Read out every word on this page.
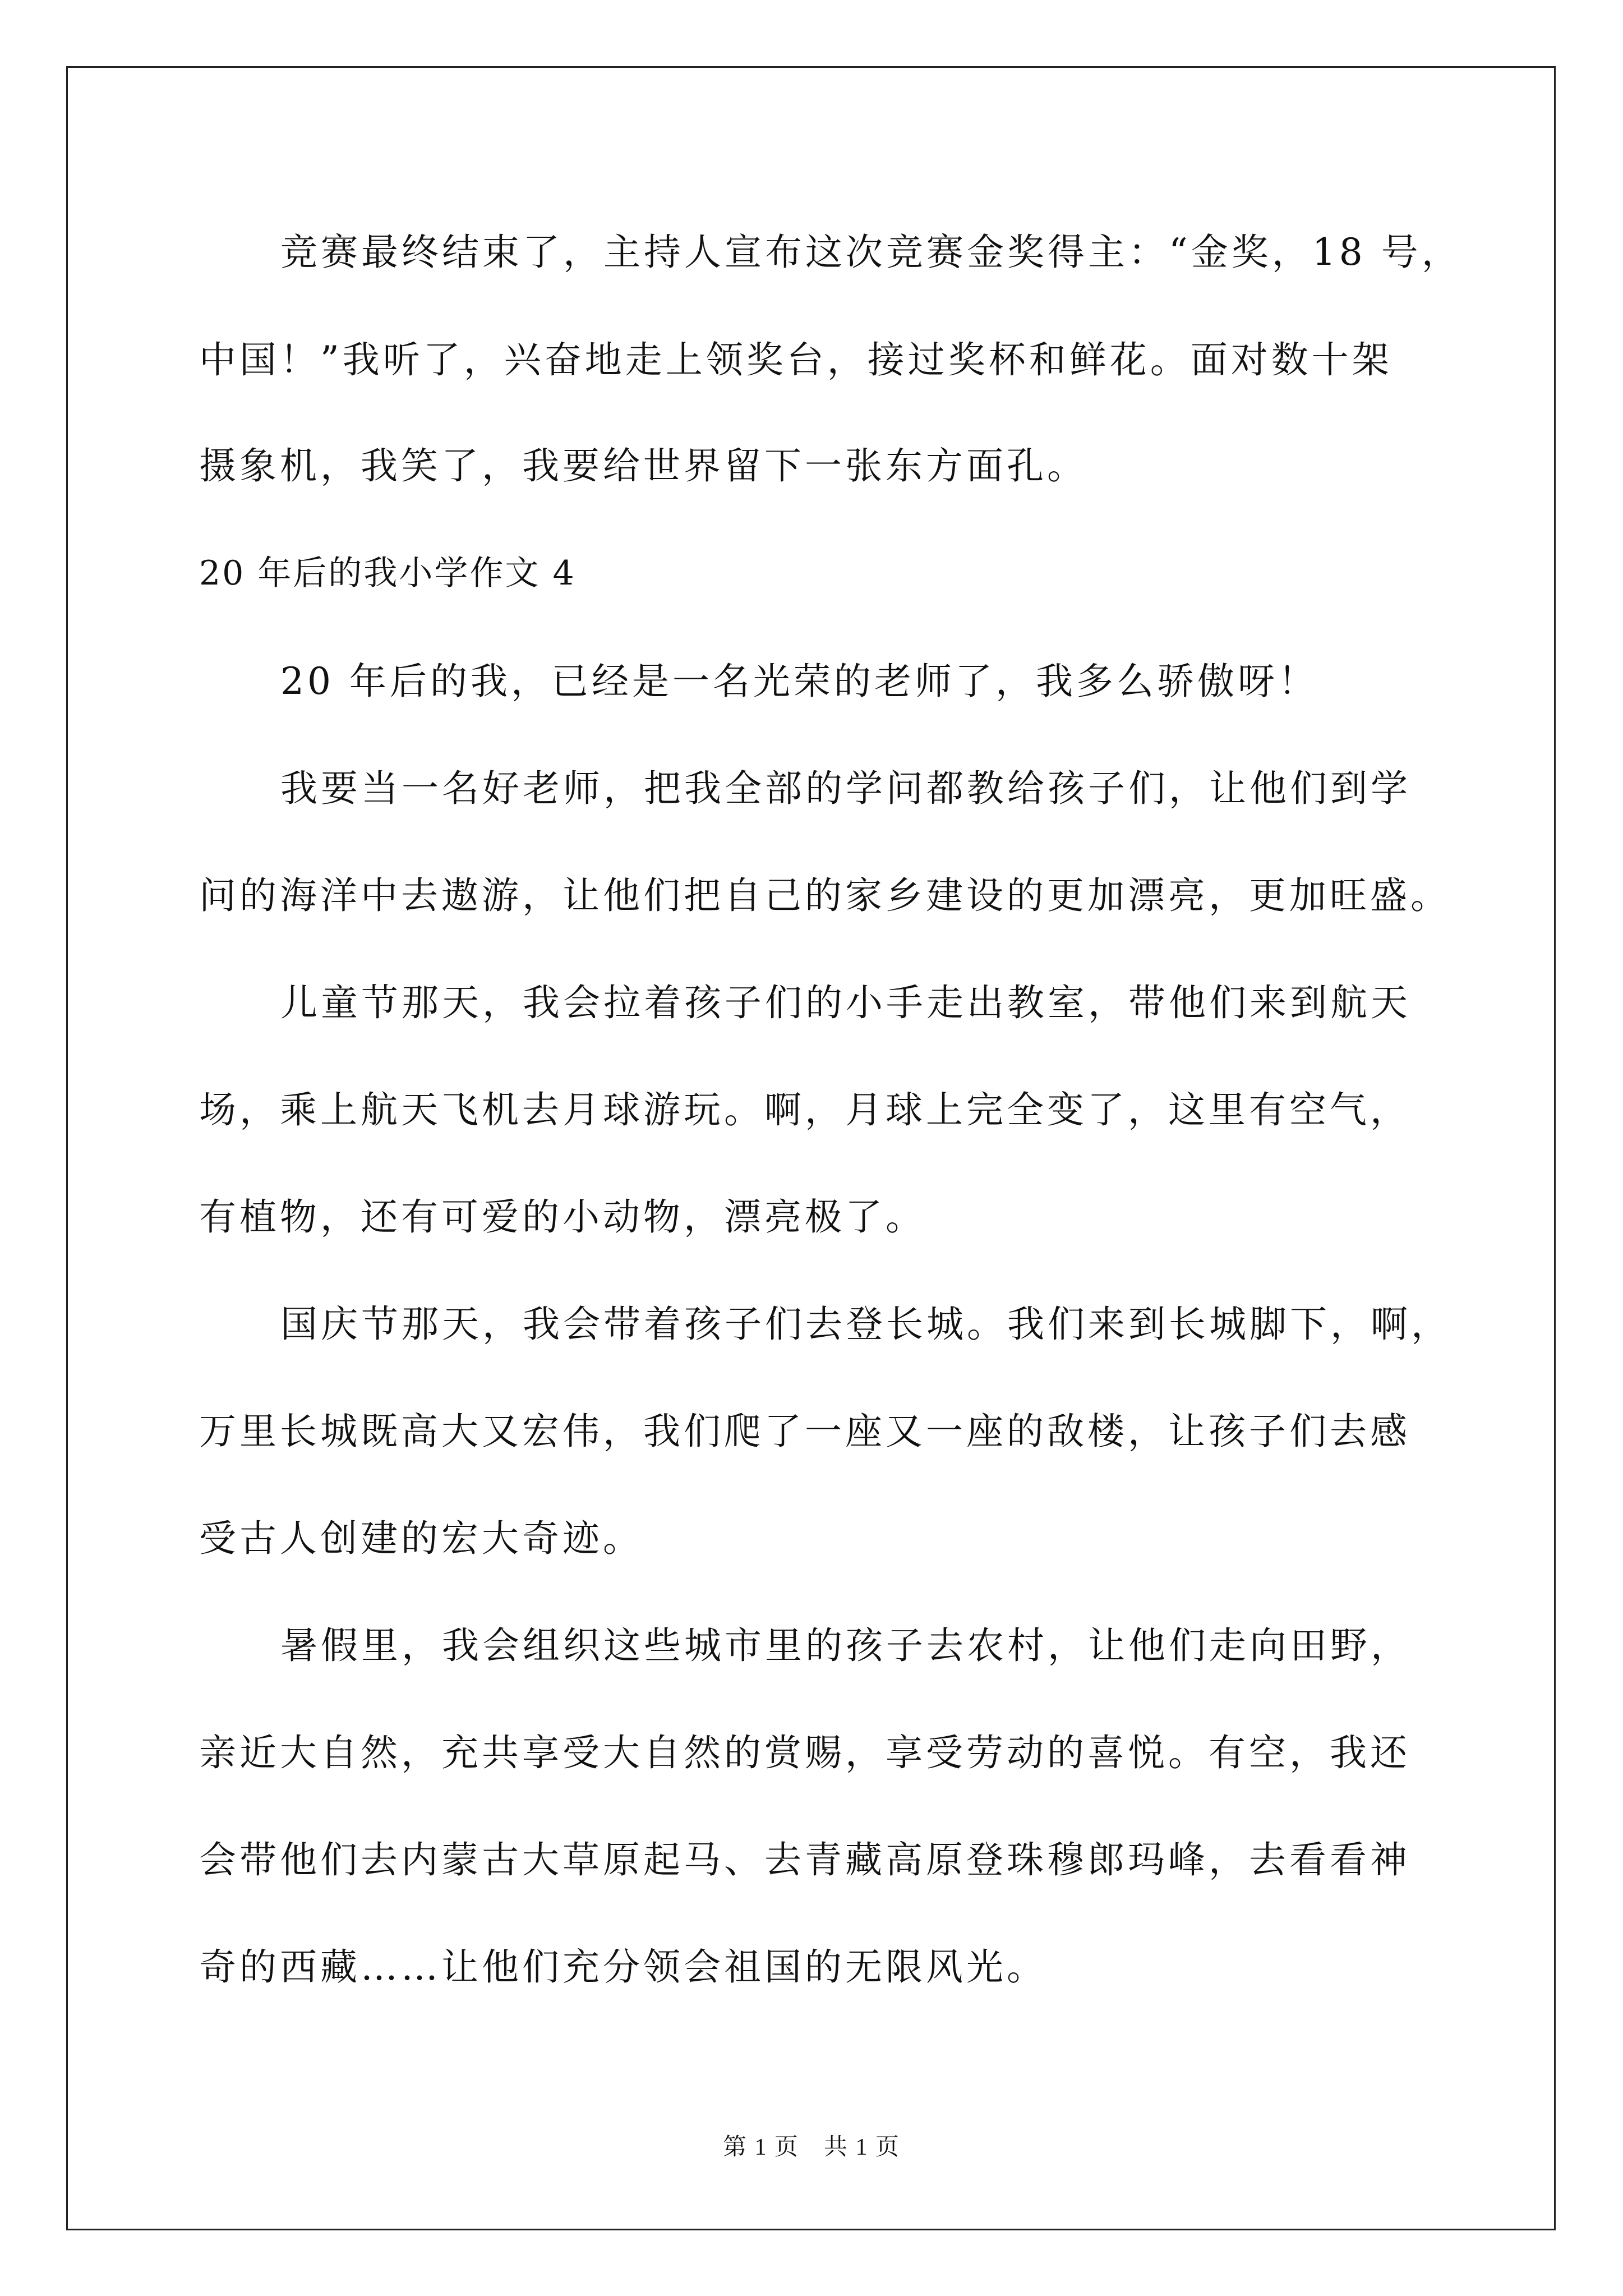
竞赛最终结束了，主持人宣布这次竞赛金奖得主：“金奖，18 号，
中国！”我听了，兴奋地走上领奖台，接过奖杯和鲜花。面对数十架
摄象机，我笑了，我要给世界留下一张东方面孔。
20 年后的我小学作文 4
20 年后的我，已经是一名光荣的老师了，我多么骄傲呀！
我要当一名好老师，把我全部的学问都教给孩子们，让他们到学
问的海洋中去遨游，让他们把自己的家乡建设的更加漂亮，更加旺盛。
儿童节那天，我会拉着孩子们的小手走出教室，带他们来到航天
场，乘上航天飞机去月球游玩。啊，月球上完全变了，这里有空气，
有植物，还有可爱的小动物，漂亮极了。
国庆节那天，我会带着孩子们去登长城。我们来到长城脚下，啊，
万里长城既高大又宏伟，我们爬了一座又一座的敌楼，让孩子们去感
受古人创建的宏大奇迹。
暑假里，我会组织这些城市里的孩子去农村，让他们走向田野，
亲近大自然，充共享受大自然的赏赐，享受劳动的喜悦。有空，我还
会带他们去内蒙古大草原起马、去青藏高原登珠穆郎玛峰，去看看神
奇的西藏……让他们充分领会祖国的无限风光。
第 1 页　共 1 页
